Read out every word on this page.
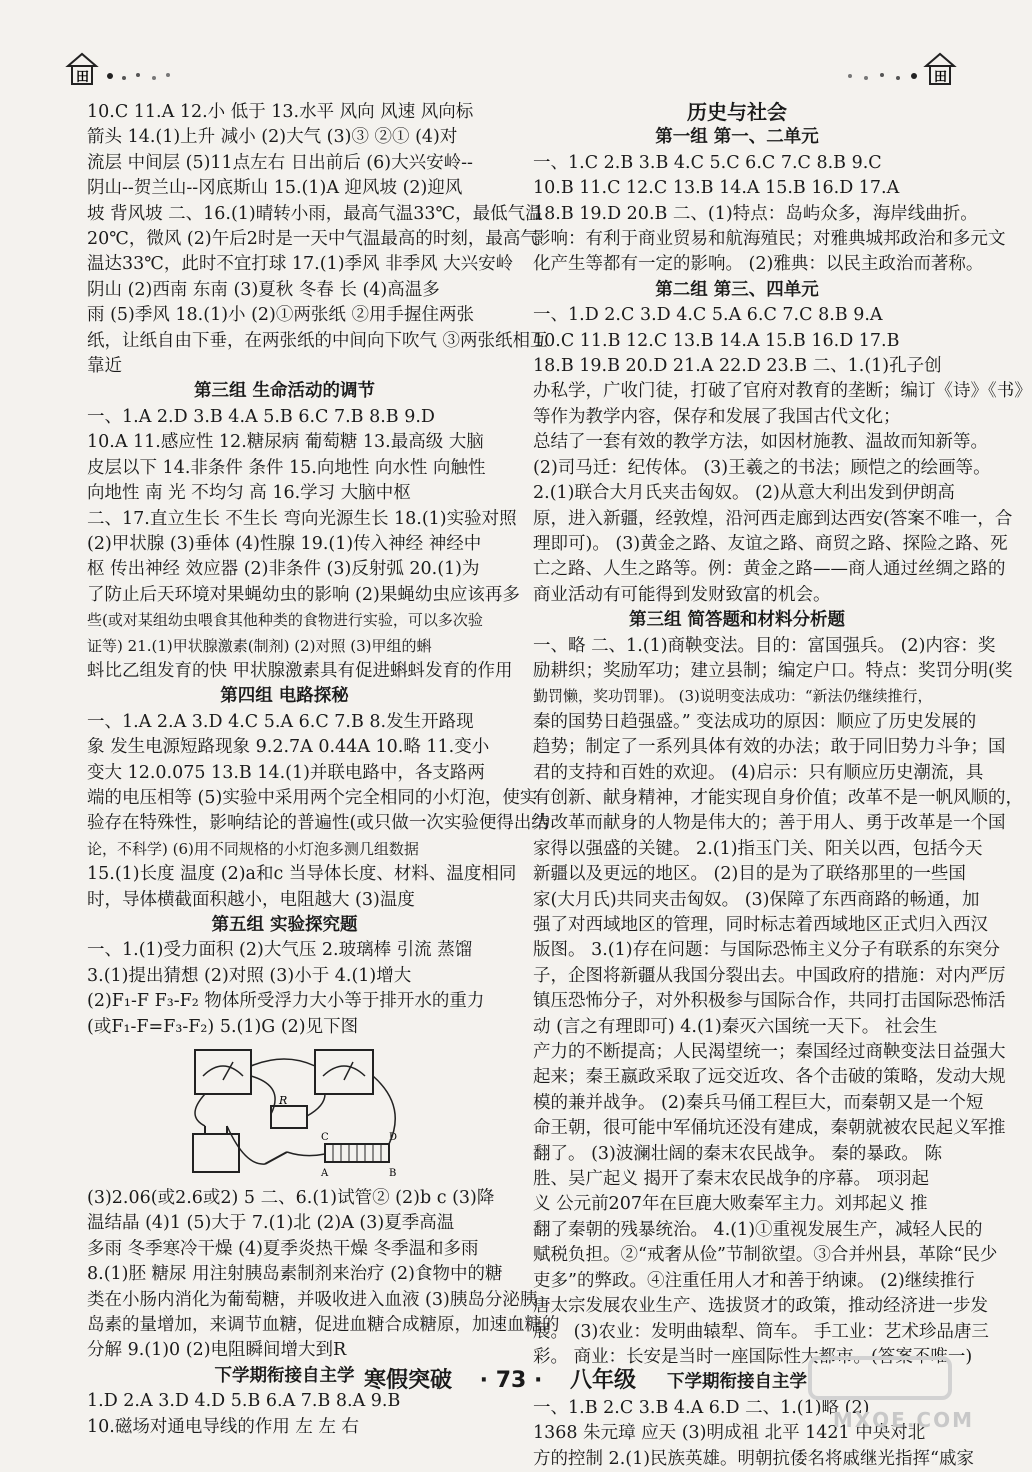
田	田
10.C 11.A 12.小 低于 13.水平 风向 风速 风向标
箭头 14.(1)上升 减小 (2)大气 (3)③ ②① (4)对
流层 中间层 (5)11点左右 日出前后 (6)大兴安岭--
阴山--贺兰山--冈底斯山 15.(1)A 迎风坡 (2)迎风
坡 背风坡 二、16.(1)晴转小雨，最高气温33℃，最低气温
20℃，微风 (2)午后2时是一天中气温最高的时刻，最高气
温达33℃，此时不宜打球 17.(1)季风 非季风 大兴安岭
阴山 (2)西南 东南 (3)夏秋 冬春 长 (4)高温多
雨 (5)季风 18.(1)小 (2)①两张纸 ②用手握住两张
纸，让纸自由下垂，在两张纸的中间向下吹气 ③两张纸相互
靠近
第三组 生命活动的调节
一、1.A 2.D 3.B 4.A 5.B 6.C 7.B 8.B 9.D
10.A 11.感应性 12.糖尿病 葡萄糖 13.最高级 大脑
皮层以下 14.非条件 条件 15.向地性 向水性 向触性
向地性 南 光 不均匀 高 16.学习 大脑中枢
二、17.直立生长 不生长 弯向光源生长 18.(1)实验对照
(2)甲状腺 (3)垂体 (4)性腺 19.(1)传入神经 神经中
枢 传出神经 效应器 (2)非条件 (3)反射弧 20.(1)为
了防止后天环境对果蝇幼虫的影响 (2)果蝇幼虫应该再多
些(或对某组幼虫喂食其他种类的食物进行实验，可以多次验
证等) 21.(1)甲状腺激素(制剂) (2)对照 (3)甲组的蝌
蚪比乙组发育的快 甲状腺激素具有促进蝌蚪发育的作用
第四组 电路探秘
一、1.A 2.A 3.D 4.C 5.A 6.C 7.B 8.发生开路现
象 发生电源短路现象 9.2.7A 0.44A 10.略 11.变小
变大 12.0.075 13.B 14.(1)并联电路中，各支路两
端的电压相等 (5)实验中采用两个完全相同的小灯泡，使实
验存在特殊性，影响结论的普遍性(或只做一次实验便得出结
论，不科学) (6)用不同规格的小灯泡多测几组数据
15.(1)长度 温度 (2)a和c 当导体长度、材料、温度相同
时，导体横截面积越小，电阻越大 (3)温度
第五组 实验探究题
一、1.(1)受力面积 (2)大气压 2.玻璃棒 引流 蒸馏
3.(1)提出猜想 (2)对照 (3)小于 4.(1)增大
(2)F₁-F F₃-F₂ 物体所受浮力大小等于排开水的重力
(或F₁-F=F₃-F₂) 5.(1)G (2)见下图
R
C	D
A	B
(3)2.06(或2.6或2) 5 二、6.(1)试管② (2)b c (3)降
温结晶 (4)1 (5)大于 7.(1)北 (2)A (3)夏季高温
多雨 冬季寒冷干燥 (4)夏季炎热干燥 冬季温和多雨
8.(1)胚 糖尿 用注射胰岛素制剂来治疗 (2)食物中的糖
类在小肠内消化为葡萄糖，并吸收进入血液 (3)胰岛分泌胰
岛素的量增加，来调节血糖，促进血糖合成糖原，加速血糖的
分解 9.(1)0 (2)电阻瞬间增大到R
下学期衔接自主学
1.D 2.A 3.D 4.D 5.B 6.A 7.B 8.A 9.B
10.磁场对通电导线的作用 左 左 右
历史与社会
第一组 第一、二单元
一、1.C 2.B 3.B 4.C 5.C 6.C 7.C 8.B 9.C
10.B 11.C 12.C 13.B 14.A 15.B 16.D 17.A
18.B 19.D 20.B 二、(1)特点：岛屿众多，海岸线曲折。
影响：有利于商业贸易和航海殖民；对雅典城邦政治和多元文
化产生等都有一定的影响。 (2)雅典：以民主政治而著称。
第二组 第三、四单元
一、1.D 2.C 3.D 4.C 5.A 6.C 7.C 8.B 9.A
10.C 11.B 12.C 13.B 14.A 15.B 16.D 17.B
18.B 19.B 20.D 21.A 22.D 23.B 二、1.(1)孔子创
办私学，广收门徒，打破了官府对教育的垄断；编订《诗》《书》
等作为教学内容，保存和发展了我国古代文化；
总结了一套有效的教学方法，如因材施教、温故而知新等。
(2)司马迁：纪传体。 (3)王羲之的书法；顾恺之的绘画等。
2.(1)联合大月氏夹击匈奴。 (2)从意大利出发到伊朗高
原，进入新疆，经敦煌，沿河西走廊到达西安(答案不唯一，合
理即可)。 (3)黄金之路、友谊之路、商贸之路、探险之路、死
亡之路、人生之路等。例：黄金之路——商人通过丝绸之路的
商业活动有可能得到发财致富的机会。
第三组 简答题和材料分析题
一、略 二、1.(1)商鞅变法。目的：富国强兵。 (2)内容：奖
励耕织；奖励军功；建立县制；编定户口。特点：奖罚分明(奖
勤罚懒，奖功罚罪)。 (3)说明变法成功：“新法仍继续推行，
秦的国势日趋强盛。” 变法成功的原因：顺应了历史发展的
趋势；制定了一系列具体有效的办法；敢于同旧势力斗争；国
君的支持和百姓的欢迎。 (4)启示：只有顺应历史潮流，具
有创新、献身精神，才能实现自身价值；改革不是一帆风顺的，
为改革而献身的人物是伟大的；善于用人、勇于改革是一个国
家得以强盛的关键。 2.(1)指玉门关、阳关以西，包括今天
新疆以及更远的地区。 (2)目的是为了联络那里的一些国
家(大月氏)共同夹击匈奴。 (3)保障了东西商路的畅通，加
强了对西域地区的管理，同时标志着西域地区正式归入西汉
版图。 3.(1)存在问题：与国际恐怖主义分子有联系的东突分
子，企图将新疆从我国分裂出去。中国政府的措施：对内严厉
镇压恐怖分子，对外积极参与国际合作，共同打击国际恐怖活
动 (言之有理即可) 4.(1)秦灭六国统一天下。 社会生
产力的不断提高；人民渴望统一；秦国经过商鞅变法日益强大
起来；秦王嬴政采取了远交近攻、各个击破的策略，发动大规
模的兼并战争。 (2)秦兵马俑工程巨大，而秦朝又是一个短
命王朝，很可能中军俑坑还没有建成，秦朝就被农民起义军推
翻了。 (3)波澜壮阔的秦末农民战争。 秦的暴政。 陈
胜、吴广起义 揭开了秦末农民战争的序幕。 项羽起
义 公元前207年在巨鹿大败秦军主力。刘邦起义 推
翻了秦朝的残暴统治。 4.(1)①重视发展生产，减轻人民的
赋税负担。②“戒奢从俭”节制欲望。③合并州县，革除“民少
吏多”的弊政。④注重任用人才和善于纳谏。 (2)继续推行
唐太宗发展农业生产、选拔贤才的政策，推动经济进一步发
展。 (3)农业：发明曲辕犁、筒车。 手工业：艺术珍品唐三
彩。 商业：长安是当时一座国际性大都市。(答案不唯一)
下学期衔接自主学
一、1.B 2.C 3.B 4.A 6.D 二、1.(1)略 (2)
1368 朱元璋 应天 (3)明成祖 北平 1421 中央对北
方的控制 2.(1)民族英雄。明朝抗倭名将戚继光指挥“戚家
寒假突破 · 73 · 八年级
MXQE.COM
